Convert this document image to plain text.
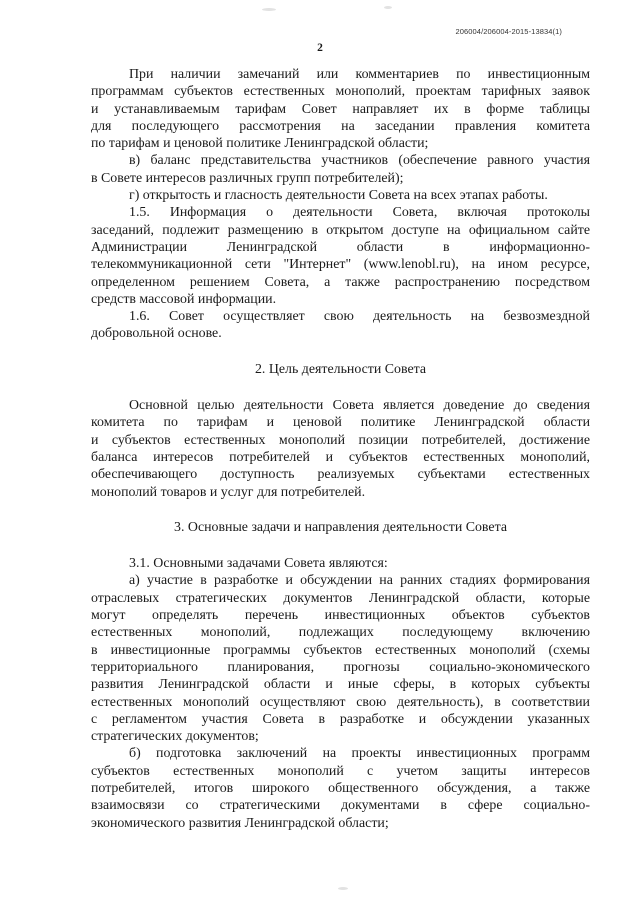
206004/206004-2015-13834(1)
2
При наличии замечаний или комментариев по инвестиционным
программам субъектов естественных монополий, проектам тарифных заявок
и устанавливаемым тарифам Совет направляет их в форме таблицы
для последующего рассмотрения на заседании правления комитета
по тарифам и ценовой политике Ленинградской области;
в) баланс представительства участников (обеспечение равного участия
в Совете интересов различных групп потребителей);
г) открытость и гласность деятельности Совета на всех этапах работы.
1.5. Информация о деятельности Совета, включая протоколы
заседаний, подлежит размещению в открытом доступе на официальном сайте
Администрации Ленинградской области в информационно-
телекоммуникационной сети "Интернет" (www.lenobl.ru), на ином ресурсе,
определенном решением Совета, а также распространению посредством
средств массовой информации.
1.6. Совет осуществляет свою деятельность на безвозмездной
добровольной основе.
2. Цель деятельности Совета
Основной целью деятельности Совета является доведение до сведения
комитета по тарифам и ценовой политике Ленинградской области
и субъектов естественных монополий позиции потребителей, достижение
баланса интересов потребителей и субъектов естественных монополий,
обеспечивающего доступность реализуемых субъектами естественных
монополий товаров и услуг для потребителей.
3. Основные задачи и направления деятельности Совета
3.1. Основными задачами Совета являются:
а) участие в разработке и обсуждении на ранних стадиях формирования
отраслевых стратегических документов Ленинградской области, которые
могут определять перечень инвестиционных объектов субъектов
естественных монополий, подлежащих последующему включению
в инвестиционные программы субъектов естественных монополий (схемы
территориального планирования, прогнозы социально-экономического
развития Ленинградской области и иные сферы, в которых субъекты
естественных монополий осуществляют свою деятельность), в соответствии
с регламентом участия Совета в разработке и обсуждении указанных
стратегических документов;
б) подготовка заключений на проекты инвестиционных программ
субъектов естественных монополий с учетом защиты интересов
потребителей, итогов широкого общественного обсуждения, а также
взаимосвязи со стратегическими документами в сфере социально-
экономического развития Ленинградской области;
